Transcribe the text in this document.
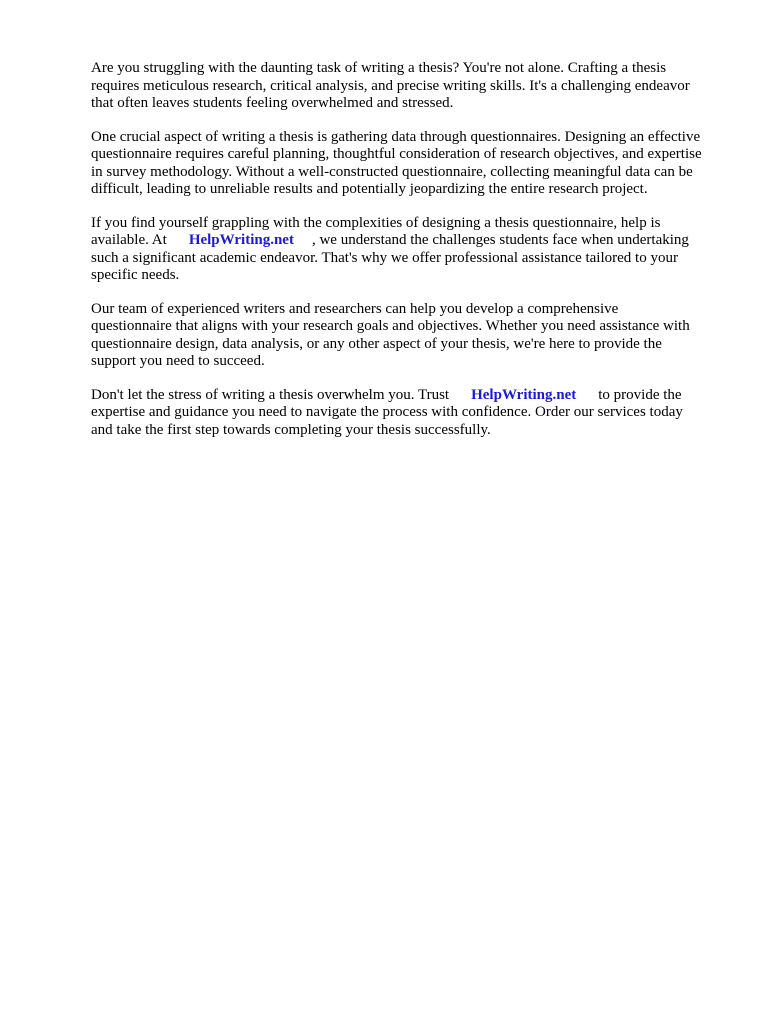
Are you struggling with the daunting task of writing a thesis? You're not alone. Crafting a thesis
requires meticulous research, critical analysis, and precise writing skills. It's a challenging endeavor
that often leaves students feeling overwhelmed and stressed.

One crucial aspect of writing a thesis is gathering data through questionnaires. Designing an effective
questionnaire requires careful planning, thoughtful consideration of research objectives, and expertise
in survey methodology. Without a well-constructed questionnaire, collecting meaningful data can be
difficult, leading to unreliable results and potentially jeopardizing the entire research project.

If you find yourself grappling with the complexities of designing a thesis questionnaire, help is
available. At HelpWriting.net , we understand the challenges students face when undertaking
such a significant academic endeavor. That's why we offer professional assistance tailored to your
specific needs.

Our team of experienced writers and researchers can help you develop a comprehensive
questionnaire that aligns with your research goals and objectives. Whether you need assistance with
questionnaire design, data analysis, or any other aspect of your thesis, we're here to provide the
support you need to succeed.

Don't let the stress of writing a thesis overwhelm you. Trust HelpWriting.net to provide the
expertise and guidance you need to navigate the process with confidence. Order our services today
and take the first step towards completing your thesis successfully.
